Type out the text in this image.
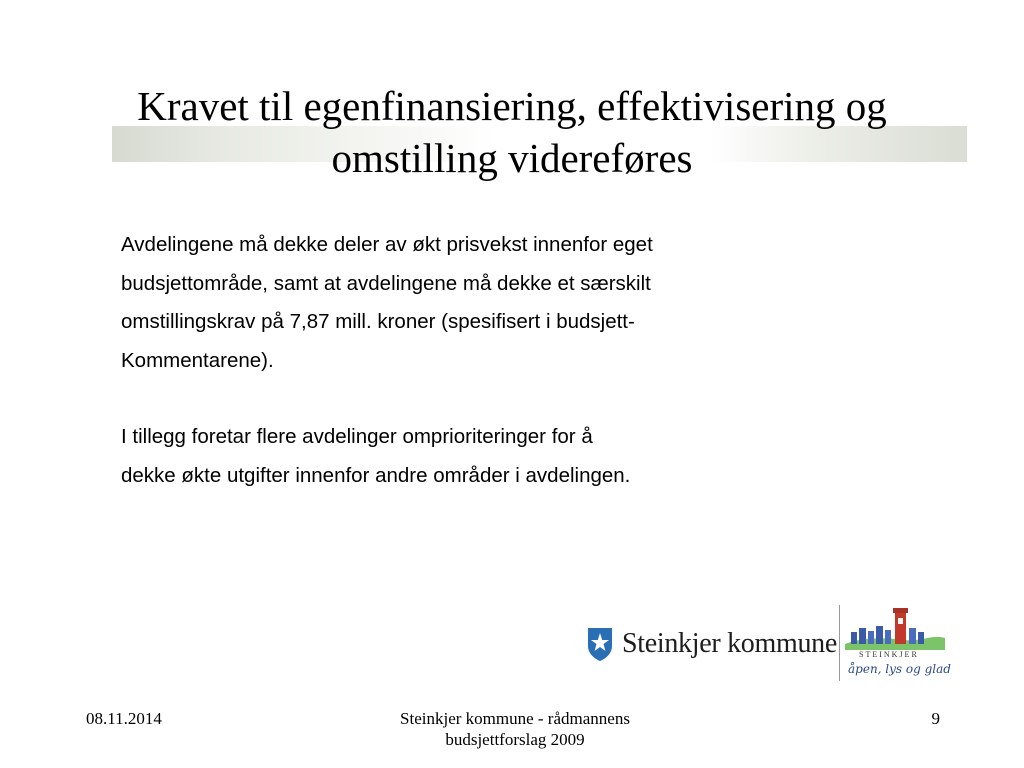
Kravet til egenfinansiering, effektivisering og omstilling videreføres

Avdelingene må dekke deler av økt prisvekst innenfor eget

budsjettområde, samt at avdelingene må dekke et særskilt

omstillingskrav på 7,87 mill. kroner (spesifisert i budsjett-

Kommentarene).

I tillegg foretar flere avdelinger omprioriteringer for å

dekke økte utgifter innenfor andre områder i avdelingen.

Steinkjer kommune	STEINKJER
åpen, lys og glad
08.11.2014	Steinkjer kommune - rådmannens
budsjettforslag 2009
9
